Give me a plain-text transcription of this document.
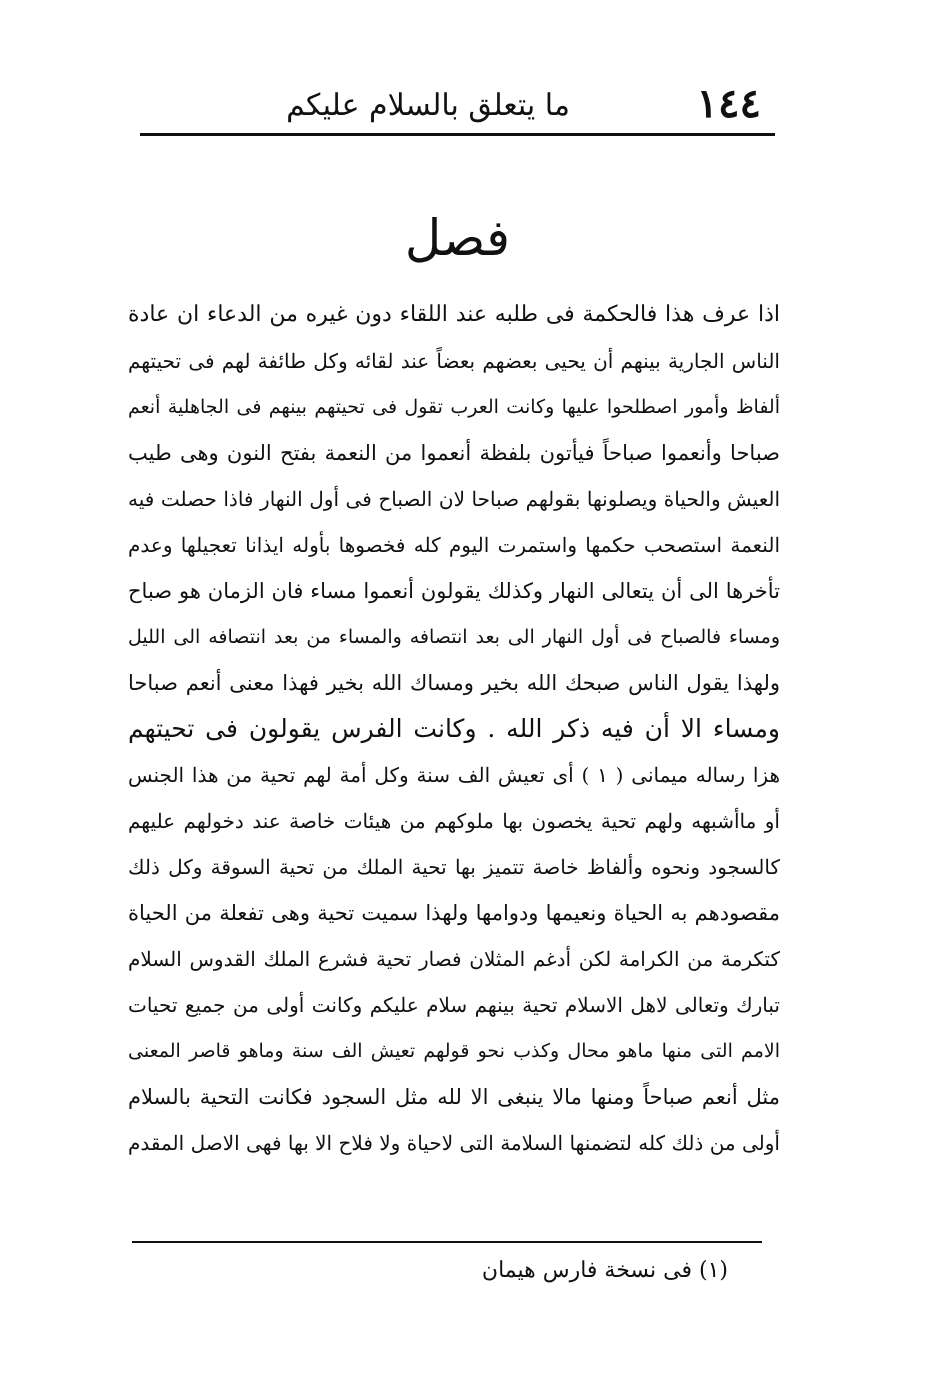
١٤٤
ما يتعلق بالسلام عليكم
فصل
اذا عرف هذا فالحكمة فى طلبه عند اللقاء دون غيره من الدعاء ان عادة
الناس الجارية بينهم أن يحيى بعضهم بعضاً عند لقائه وكل طائفة لهم فى تحيتهم
ألفاظ وأمور اصطلحوا عليها وكانت العرب تقول فى تحيتهم بينهم فى الجاهلية أنعم
صباحا وأنعموا صباحاً فيأتون بلفظة أنعموا من النعمة بفتح النون وهى طيب
العيش والحياة ويصلونها بقولهم صباحا لان الصباح فى أول النهار فاذا حصلت فيه
النعمة استصحب حكمها واستمرت اليوم كله فخصوها بأوله ايذانا تعجيلها وعدم
تأخرها الى أن يتعالى النهار وكذلك يقولون أنعموا مساء فان الزمان هو صباح
ومساء فالصباح فى أول النهار الى بعد انتصافه والمساء من بعد انتصافه الى الليل
ولهذا يقول الناس صبحك الله بخير ومساك الله بخير فهذا معنى أنعم صباحا
ومساء الا أن فيه ذكر الله . وكانت الفرس يقولون فى تحيتهم
هزا رساله ميمانى ( ١ ) أى تعيش الف سنة وكل أمة لهم تحية من هذا الجنس
أو ماأشبهه ولهم تحية يخصون بها ملوكهم من هيئات خاصة عند دخولهم عليهم
كالسجود ونحوه وألفاظ خاصة تتميز بها تحية الملك من تحية السوقة وكل ذلك
مقصودهم به الحياة ونعيمها ودوامها ولهذا سميت تحية وهى تفعلة من الحياة
كتكرمة من الكرامة لكن أدغم المثلان فصار تحية فشرع الملك القدوس السلام
تبارك وتعالى لاهل الاسلام تحية بينهم سلام عليكم وكانت أولى من جميع تحيات
الامم التى منها ماهو محال وكذب نحو قولهم تعيش الف سنة وماهو قاصر المعنى
مثل أنعم صباحاً ومنها مالا ينبغى الا لله مثل السجود فكانت التحية بالسلام
أولى من ذلك كله لتضمنها السلامة التى لاحياة ولا فلاح الا بها فهى الاصل المقدم
(١) فى نسخة فارس هيمان
